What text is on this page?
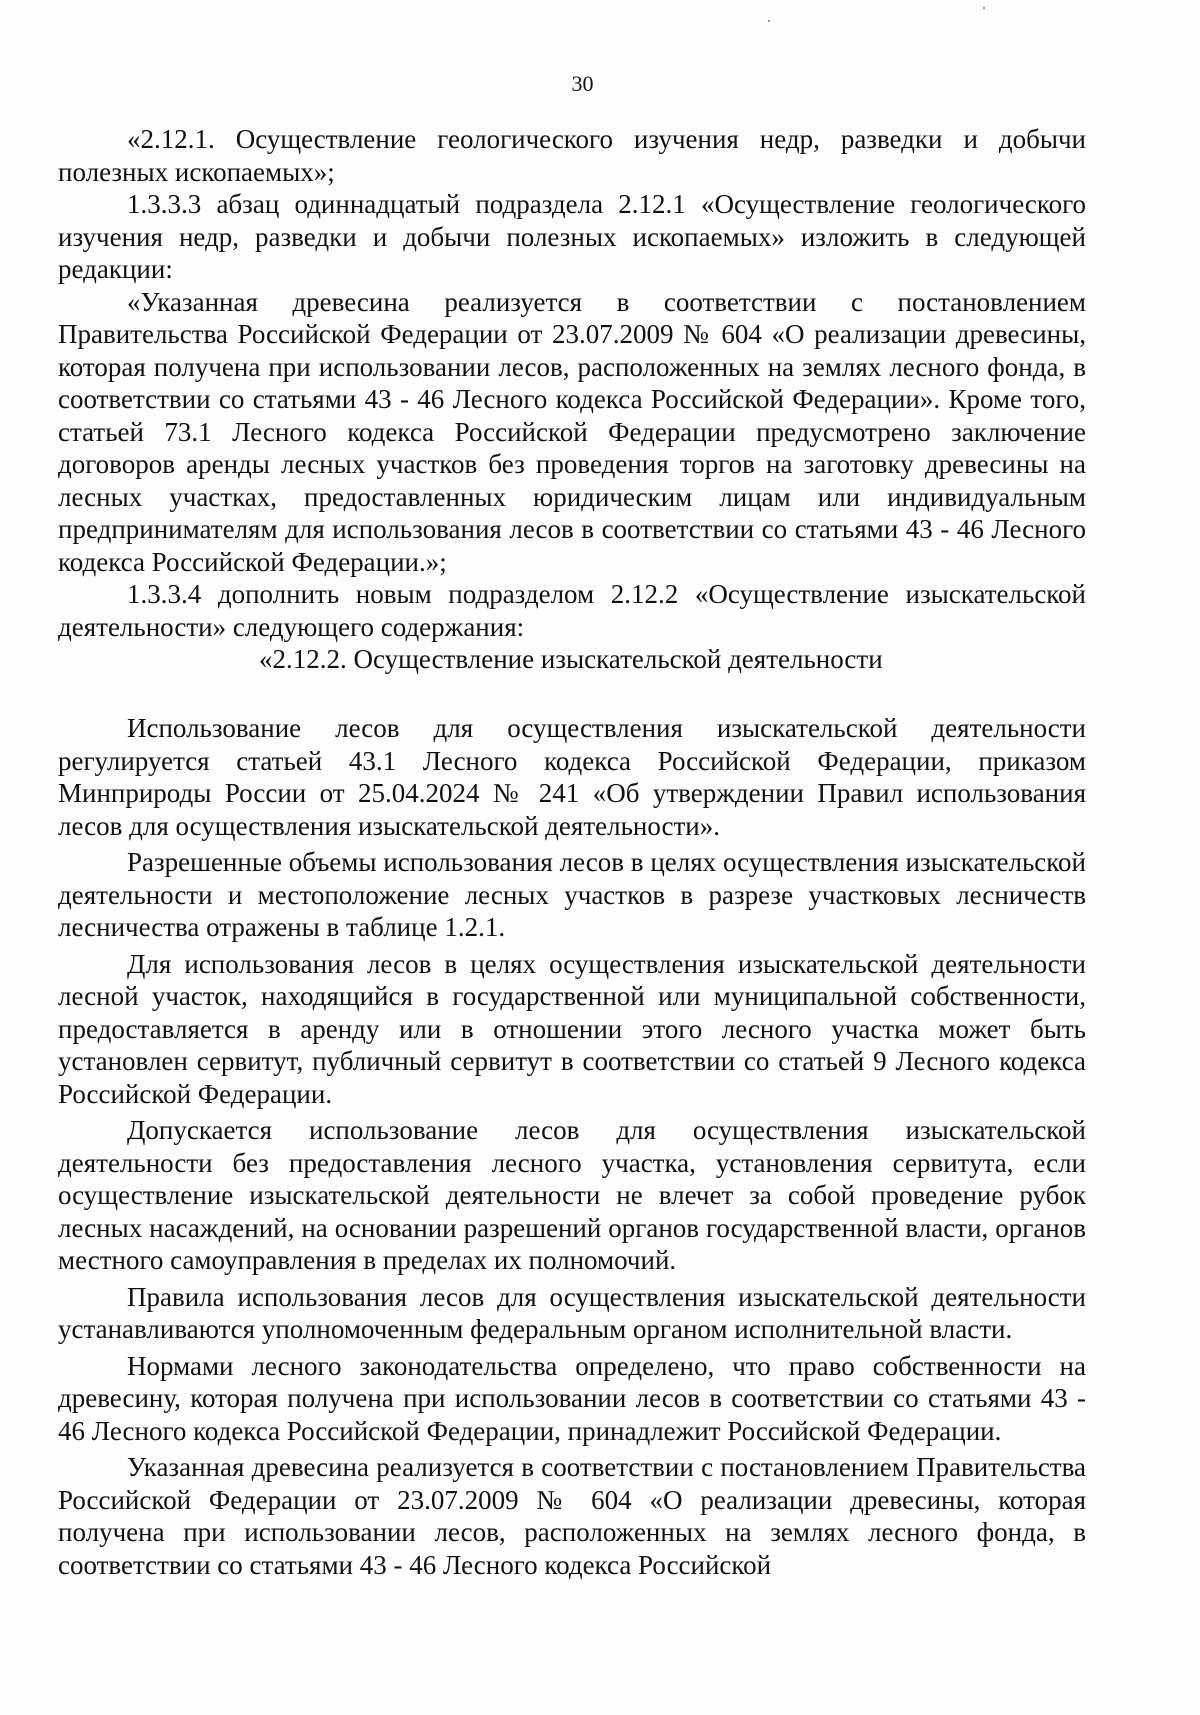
30

«2.12.1. Осуществление геологического изучения недр, разведки и добычи полезных ископаемых»;

1.3.3.3 абзац одиннадцатый подраздела 2.12.1 «Осуществление геологического изучения недр, разведки и добычи полезных ископаемых» изложить в следующей редакции:

«Указанная древесина реализуется в соответствии с постановлением Правительства Российской Федерации от 23.07.2009 № 604 «О реализации древесины, которая получена при использовании лесов, расположенных на землях лесного фонда, в соответствии со статьями 43 - 46 Лесного кодекса Российской Федерации». Кроме того, статьей 73.1 Лесного кодекса Российской Федерации предусмотрено заключение договоров аренды лесных участков без проведения торгов на заготовку древесины на лесных участках, предоставленных юридическим лицам или индивидуальным предпринимателям для использования лесов в соответствии со статьями 43 - 46 Лесного кодекса Российской Федерации.»;

1.3.3.4 дополнить новым подразделом 2.12.2 «Осуществление изыскательской деятельности» следующего содержания:

«2.12.2. Осуществление изыскательской деятельности

Использование лесов для осуществления изыскательской деятельности регулируется статьей 43.1 Лесного кодекса Российской Федерации, приказом Минприроды России от 25.04.2024 № 241 «Об утверждении Правил использования лесов для осуществления изыскательской деятельности».

Разрешенные объемы использования лесов в целях осуществления изыскательской деятельности и местоположение лесных участков в разрезе участковых лесничеств лесничества отражены в таблице 1.2.1.

Для использования лесов в целях осуществления изыскательской деятельности лесной участок, находящийся в государственной или муниципальной собственности, предоставляется в аренду или в отношении этого лесного участка может быть установлен сервитут, публичный сервитут в соответствии со статьей 9 Лесного кодекса Российской Федерации.

Допускается использование лесов для осуществления изыскательской деятельности без предоставления лесного участка, установления сервитута, если осуществление изыскательской деятельности не влечет за собой проведение рубок лесных насаждений, на основании разрешений органов государственной власти, органов местного самоуправления в пределах их полномочий.

Правила использования лесов для осуществления изыскательской деятельности устанавливаются уполномоченным федеральным органом исполнительной власти.

Нормами лесного законодательства определено, что право собственности на древесину, которая получена при использовании лесов в соответствии со статьями 43 - 46 Лесного кодекса Российской Федерации, принадлежит Российской Федерации.

Указанная древесина реализуется в соответствии с постановлением Правительства Российской Федерации от 23.07.2009 № 604 «О реализации древесины, которая получена при использовании лесов, расположенных на землях лесного фонда, в соответствии со статьями 43 - 46 Лесного кодекса Российской
